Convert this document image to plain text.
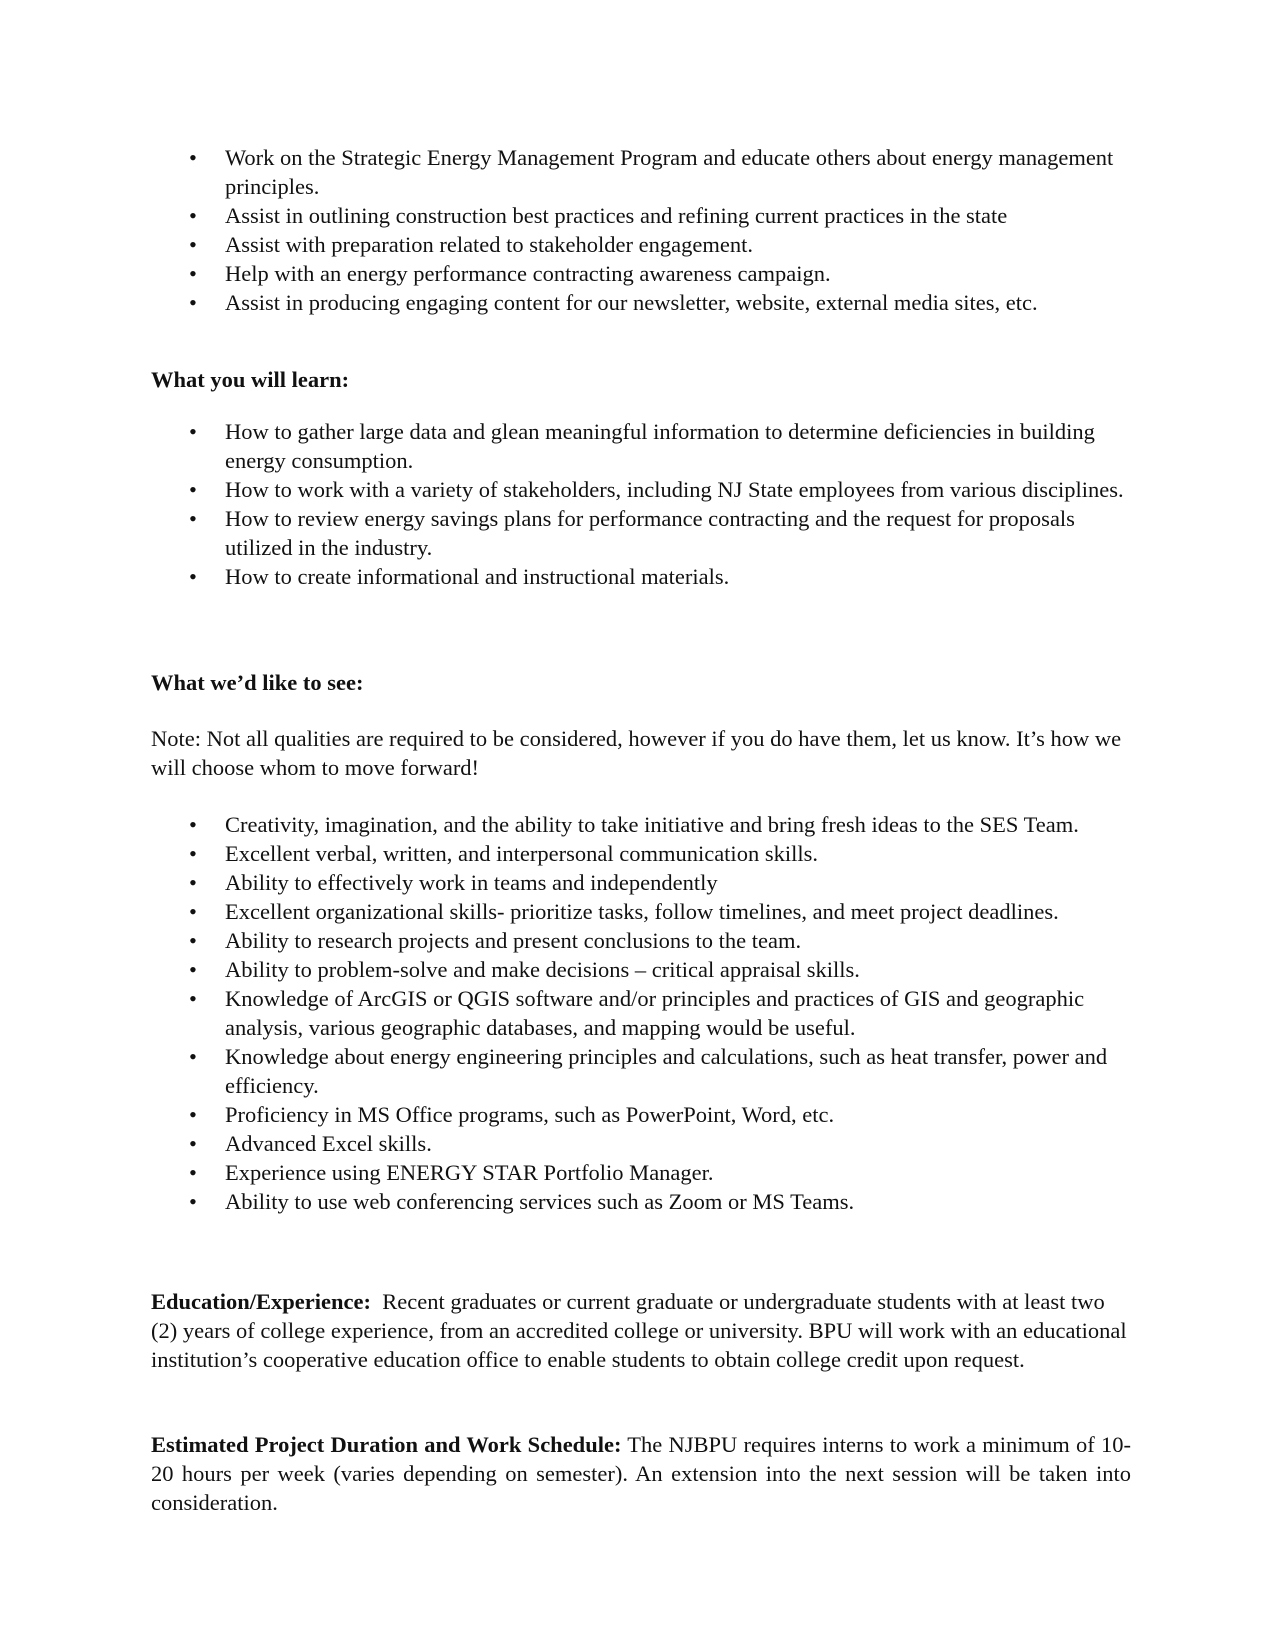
• Work on the Strategic Energy Management Program and educate others about energy management principles.
• Assist in outlining construction best practices and refining current practices in the state
• Assist with preparation related to stakeholder engagement.
• Help with an energy performance contracting awareness campaign.
• Assist in producing engaging content for our newsletter, website, external media sites, etc.

What you will learn:

• How to gather large data and glean meaningful information to determine deficiencies in building energy consumption.
• How to work with a variety of stakeholders, including NJ State employees from various disciplines.
• How to review energy savings plans for performance contracting and the request for proposals utilized in the industry.
• How to create informational and instructional materials.

What we’d like to see:

Note: Not all qualities are required to be considered, however if you do have them, let us know. It’s how we will choose whom to move forward!

• Creativity, imagination, and the ability to take initiative and bring fresh ideas to the SES Team.
• Excellent verbal, written, and interpersonal communication skills.
• Ability to effectively work in teams and independently
• Excellent organizational skills- prioritize tasks, follow timelines, and meet project deadlines.
• Ability to research projects and present conclusions to the team.
• Ability to problem-solve and make decisions – critical appraisal skills.
• Knowledge of ArcGIS or QGIS software and/or principles and practices of GIS and geographic analysis, various geographic databases, and mapping would be useful.
• Knowledge about energy engineering principles and calculations, such as heat transfer, power and efficiency.
• Proficiency in MS Office programs, such as PowerPoint, Word, etc.
• Advanced Excel skills.
• Experience using ENERGY STAR Portfolio Manager.
• Ability to use web conferencing services such as Zoom or MS Teams.

Education/Experience: Recent graduates or current graduate or undergraduate students with at least two (2) years of college experience, from an accredited college or university. BPU will work with an educational institution’s cooperative education office to enable students to obtain college credit upon request.

Estimated Project Duration and Work Schedule: The NJBPU requires interns to work a minimum of 10-20 hours per week (varies depending on semester). An extension into the next session will be taken into consideration.
